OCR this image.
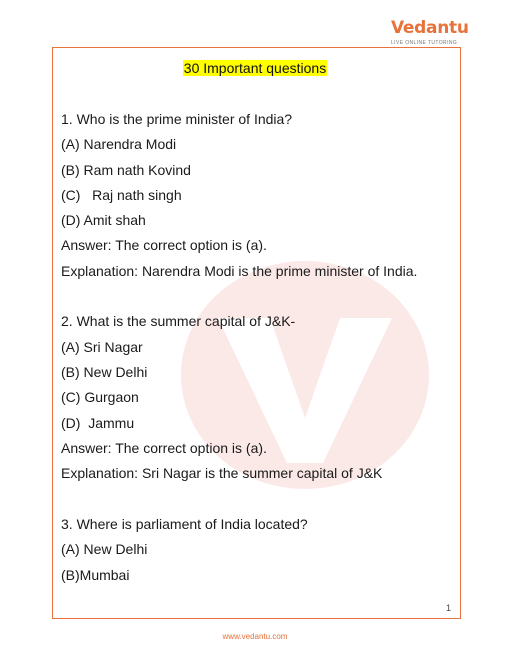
Vedantu
LIVE ONLINE TUTORING
30 Important questions
1. Who is the prime minister of India?
(A) Narendra Modi
(B) Ram nath Kovind
(C)   Raj nath singh
(D) Amit shah
Answer: The correct option is (a).
Explanation: Narendra Modi is the prime minister of India.
2. What is the summer capital of J&K-
(A) Sri Nagar
(B) New Delhi
(C) Gurgaon
(D)  Jammu
Answer: The correct option is (a).
Explanation: Sri Nagar is the summer capital of J&K
3. Where is parliament of India located?
(A) New Delhi
(B)Mumbai
1
www.vedantu.com
